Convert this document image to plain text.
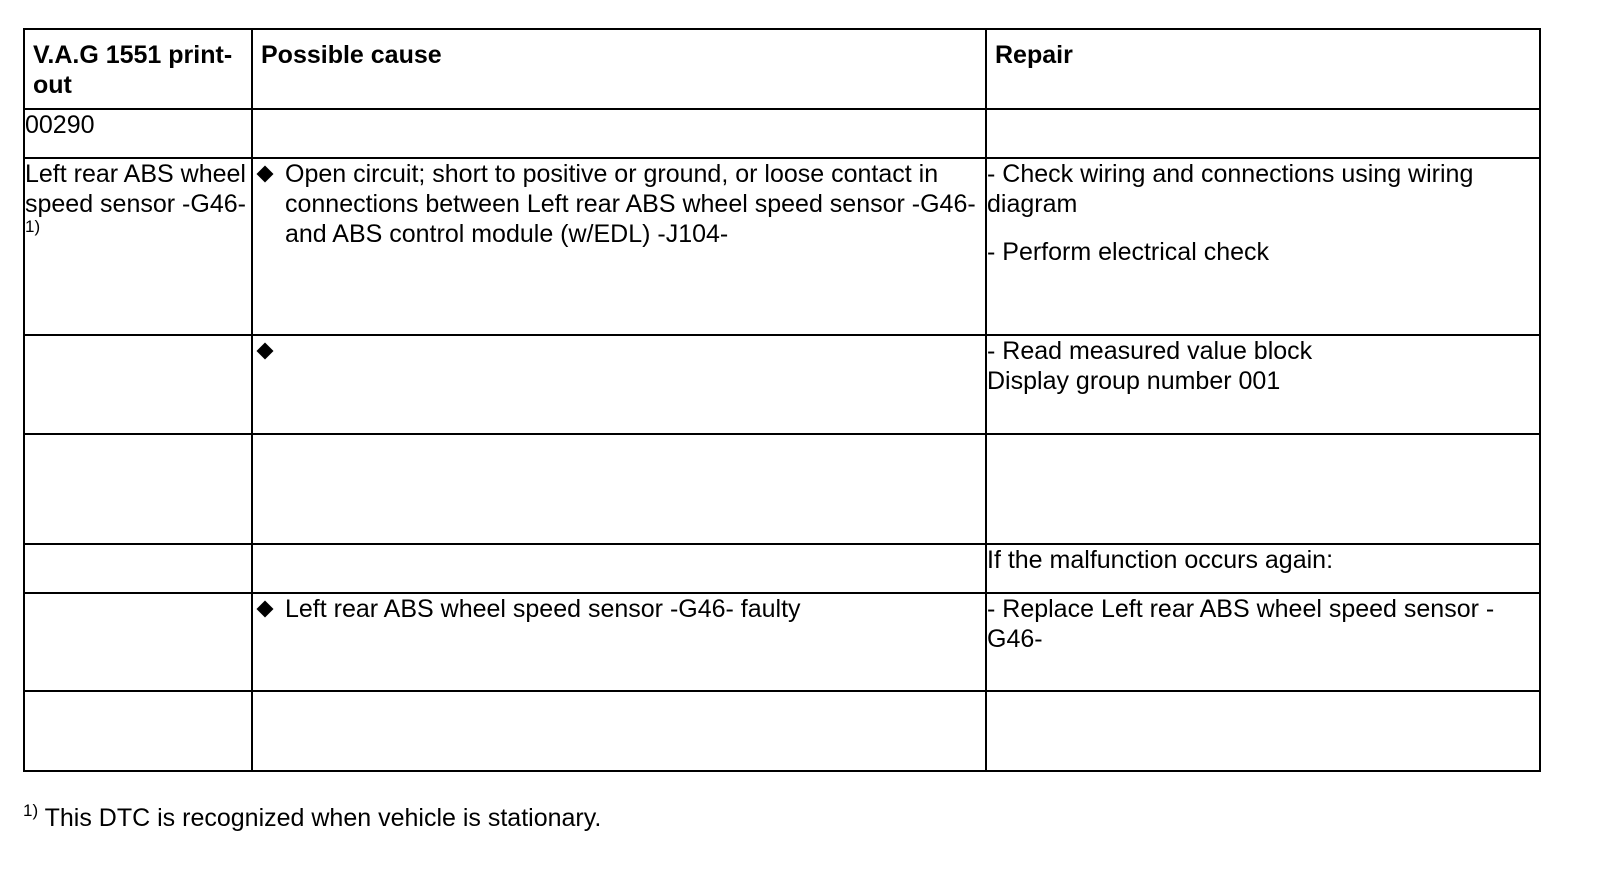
V.A.G 1551 print-out	Possible cause	Repair
00290		
Left rear ABS wheel speed sensor -G46-$^{1)}$	Open circuit; short to positive or ground, or loose contact in connections between Left rear ABS wheel speed sensor -G46- and ABS control module (w/EDL) -J104-	- Check wiring and connections using wiring diagram
- Perform electrical check

		- Read measured value block
Display group number 001

		If the malfunction occurs again:

	Left rear ABS wheel speed sensor -G46- faulty	- Replace Left rear ABS wheel speed sensor -G46-

$^{1)}$ This DTC is recognized when vehicle is stationary.
